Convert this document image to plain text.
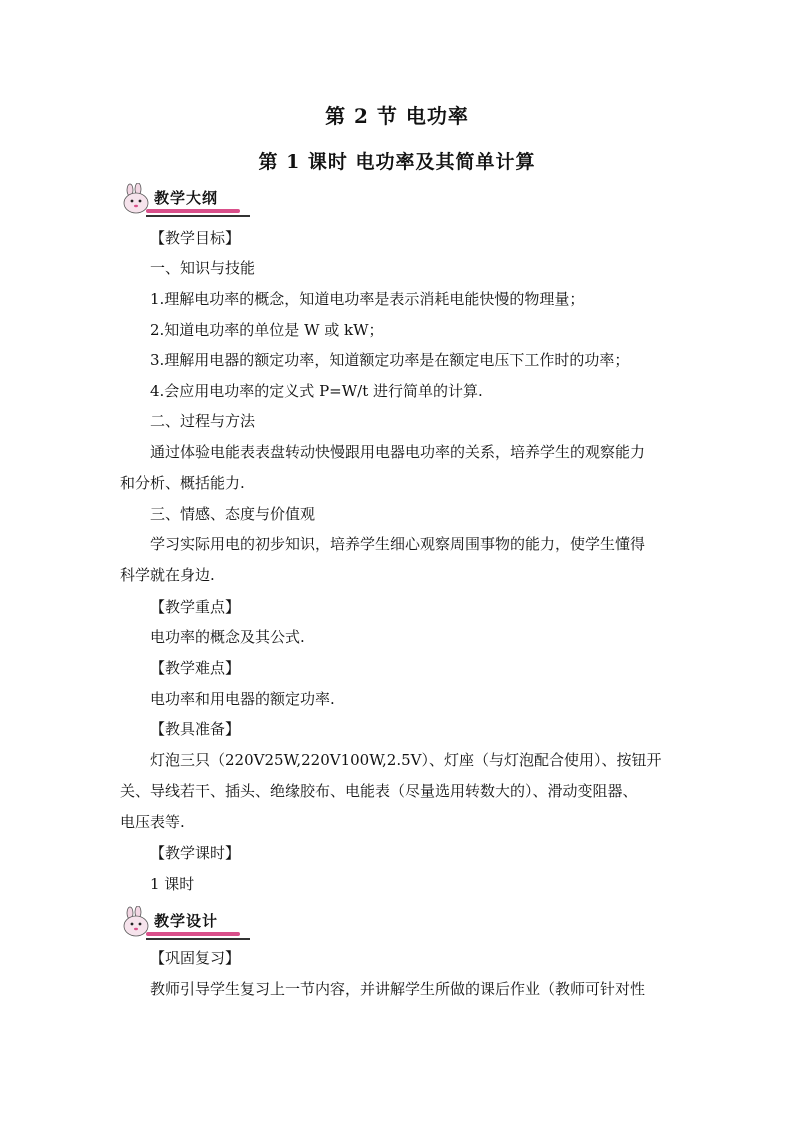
第 2 节 电功率
第 1 课时 电功率及其简单计算
教学大纲
【教学目标】
一、知识与技能
1.理解电功率的概念，知道电功率是表示消耗电能快慢的物理量；
2.知道电功率的单位是 W 或 kW；
3.理解用电器的额定功率，知道额定功率是在额定电压下工作时的功率；
4.会应用电功率的定义式 P=W/t 进行简单的计算.
二、过程与方法
通过体验电能表表盘转动快慢跟用电器电功率的关系，培养学生的观察能力
和分析、概括能力.
三、情感、态度与价值观
学习实际用电的初步知识，培养学生细心观察周围事物的能力，使学生懂得
科学就在身边.
【教学重点】
电功率的概念及其公式.
【教学难点】
电功率和用电器的额定功率.
【教具准备】
灯泡三只（220V25W,220V100W,2.5V）、灯座（与灯泡配合使用）、按钮开
关、导线若干、插头、绝缘胶布、电能表（尽量选用转数大的）、滑动变阻器、
电压表等.
【教学课时】
1 课时
教学设计
【巩固复习】
教师引导学生复习上一节内容，并讲解学生所做的课后作业（教师可针对性
